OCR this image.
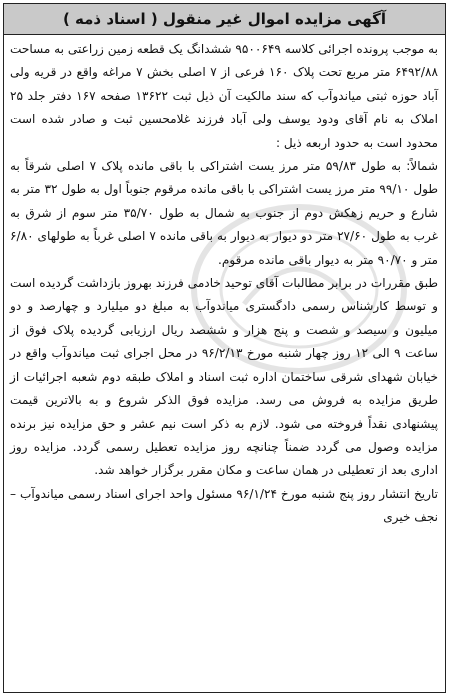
آگهی مزایده اموال غیر منقول ( اسناد ذمه )

به موجب پرونده اجرائی کلاسه ۹۵۰۰۶۴۹ ششدانگ یک قطعه زمین زراعتی به مساحت ۶۴۹۲/۸۸ متر مربع تحت پلاک ۱۶۰ فرعی از ۷ اصلی بخش ۷ مراغه واقع در قریه ولی آباد حوزه ثبتی میاندوآب که سند مالکیت آن ذیل ثبت ۱۳۶۲۲ صفحه ۱۶۷ دفتر جلد ۲۵ املاک به نام آقای ودود یوسف ولی آباد فرزند غلامحسین ثبت و صادر شده است محدود است به حدود اربعه ذیل :

شمالاً: به طول ۵۹/۸۳ متر مرز یست اشتراکی با باقی مانده پلاک ۷ اصلی شرقاً به طول ۹۹/۱۰ متر مرز یست اشتراکی با باقی مانده مرقوم جنوباً اول به طول ۳۲ متر به شارع و حریم زهکش دوم از جنوب به شمال به طول ۳۵/۷۰ متر سوم از شرق به غرب به طول ۲۷/۶۰ متر دو دیوار به دیوار به باقی مانده ۷ اصلی غرباً به طولهای ۶/۸۰ متر و ۹۰/۷۰ متر به دیوار باقی مانده مرقوم.

طبق مقررات در برابر مطالبات آقای توحید خادمی فرزند بهروز بازداشت گردیده است و توسط کارشناس رسمی دادگستری میاندوآب به مبلغ دو میلیارد و چهارصد و دو میلیون و سیصد و شصت و پنج هزار و ششصد ریال ارزیابی گردیده پلاک فوق از ساعت ۹ الی ۱۲ روز چهار شنبه مورخ ۹۶/۲/۱۳ در محل اجرای ثبت میاندوآب واقع در خیابان شهدای شرقی ساختمان اداره ثبت اسناد و املاک طبقه دوم شعبه اجرائیات از طریق مزایده به فروش می رسد. مزایده فوق الذکر شروع و به بالاترین قیمت پیشنهادی نقداً فروخته می شود. لازم به ذکر است نیم عشر و حق مزایده نیز برنده مزایده وصول می گردد ضمناً چنانچه روز مزایده تعطیل رسمی گردد. مزایده روز اداری بعد از تعطیلی در همان ساعت و مکان مقرر برگزار خواهد شد.

تاریخ انتشار روز پنج شنبه مورخ ۹۶/۱/۲۴ مسئول واحد اجرای اسناد رسمی میاندوآب – نجف خیری
